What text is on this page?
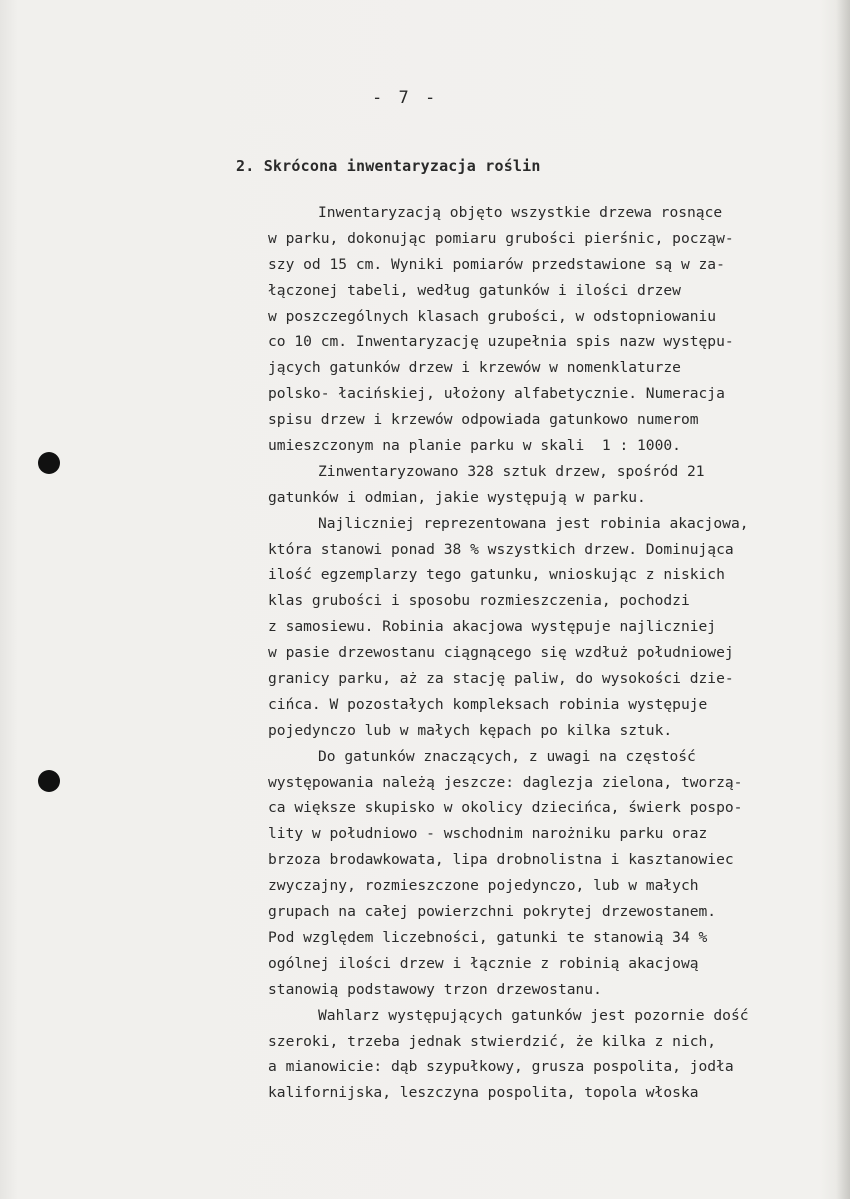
- 7 -
2. Skrócona inwentaryzacja roślin
Inwentaryzacją objęto wszystkie drzewa rosnące
w parku, dokonując pomiaru grubości pierśnic, począw-
szy od 15 cm. Wyniki pomiarów przedstawione są w za-
łączonej tabeli, według gatunków i ilości drzew
w poszczególnych klasach grubości, w odstopniowaniu
co 10 cm. Inwentaryzację uzupełnia spis nazw występu-
jących gatunków drzew i krzewów w nomenklaturze
polsko- łacińskiej, ułożony alfabetycznie. Numeracja
spisu drzew i krzewów odpowiada gatunkowo numerom
umieszczonym na planie parku w skali  1 : 1000.
Zinwentaryzowano 328 sztuk drzew, spośród 21
gatunków i odmian, jakie występują w parku.
Najliczniej reprezentowana jest robinia akacjowa,
która stanowi ponad 38 % wszystkich drzew. Dominująca
ilość egzemplarzy tego gatunku, wnioskując z niskich
klas grubości i sposobu rozmieszczenia, pochodzi
z samosiewu. Robinia akacjowa występuje najliczniej
w pasie drzewostanu ciągnącego się wzdłuż południowej
granicy parku, aż za stację paliw, do wysokości dzie-
cińca. W pozostałych kompleksach robinia występuje
pojedynczo lub w małych kępach po kilka sztuk.
Do gatunków znaczących, z uwagi na częstość
występowania należą jeszcze: daglezja zielona, tworzą-
ca większe skupisko w okolicy dziecińca, świerk pospo-
lity w południowo - wschodnim narożniku parku oraz
brzoza brodawkowata, lipa drobnolistna i kasztanowiec
zwyczajny, rozmieszczone pojedynczo, lub w małych
grupach na całej powierzchni pokrytej drzewostanem.
Pod względem liczebności, gatunki te stanowią 34 %
ogólnej ilości drzew i łącznie z robinią akacjową
stanowią podstawowy trzon drzewostanu.
Wahlarz występujących gatunków jest pozornie dość
szeroki, trzeba jednak stwierdzić, że kilka z nich,
a mianowicie: dąb szypułkowy, grusza pospolita, jodła
kalifornijska, leszczyna pospolita, topola włoska
